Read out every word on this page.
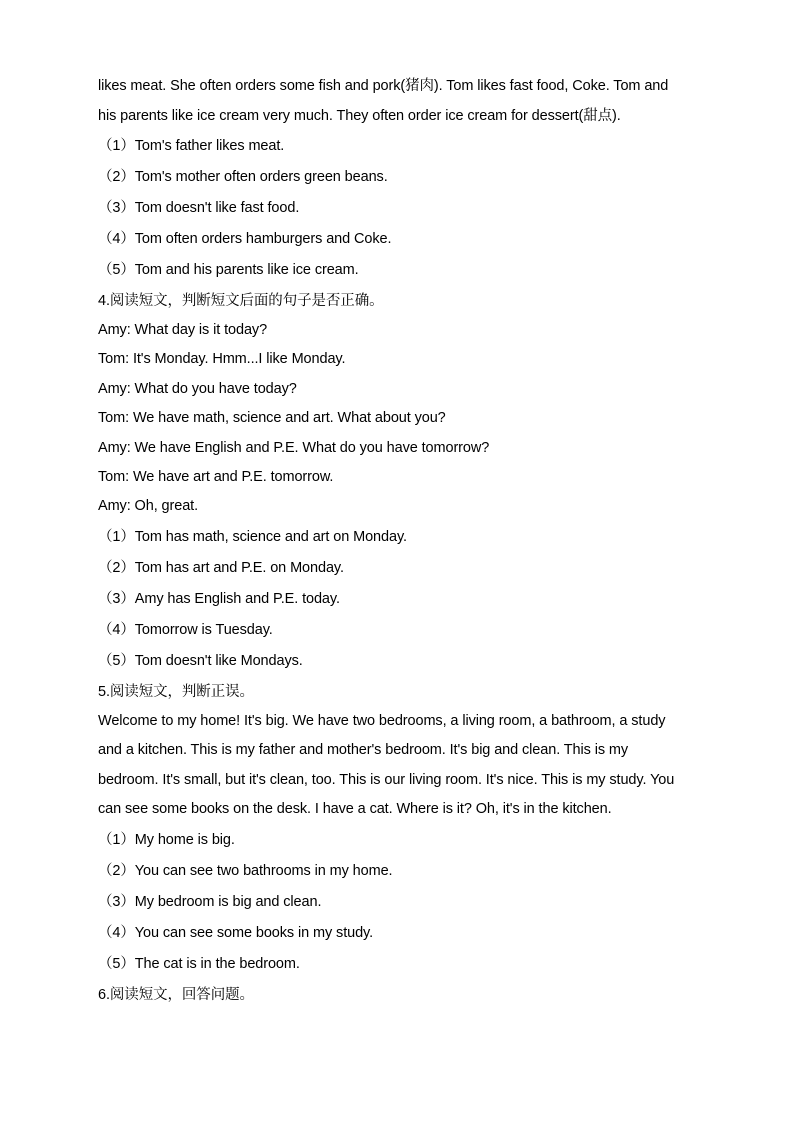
likes meat. She often orders some fish and pork(猪肉). Tom likes fast food, Coke. Tom and
his parents like ice cream very much. They often order ice cream for dessert(甜点).
（1）Tom's father likes meat.
（2）Tom's mother often orders green beans.
（3）Tom doesn't like fast food.
（4）Tom often orders hamburgers and Coke.
（5）Tom and his parents like ice cream.
4.阅读短文，判断短文后面的句子是否正确。
Amy: What day is it today?
Tom: It's Monday. Hmm...I like Monday.
Amy: What do you have today?
Tom: We have math, science and art. What about you?
Amy: We have English and P.E. What do you have tomorrow?
Tom: We have art and P.E. tomorrow.
Amy: Oh, great.
（1）Tom has math, science and art on Monday.
（2）Tom has art and P.E. on Monday.
（3）Amy has English and P.E. today.
（4）Tomorrow is Tuesday.
（5）Tom doesn't like Mondays.
5.阅读短文，判断正误。
Welcome to my home! It's big. We have two bedrooms, a living room, a bathroom, a study
and a kitchen. This is my father and mother's bedroom. It's big and clean. This is my
bedroom. It's small, but it's clean, too. This is our living room. It's nice. This is my study. You
can see some books on the desk. I have a cat. Where is it? Oh, it's in the kitchen.
（1）My home is big.
（2）You can see two bathrooms in my home.
（3）My bedroom is big and clean.
（4）You can see some books in my study.
（5）The cat is in the bedroom.
6.阅读短文，回答问题。
